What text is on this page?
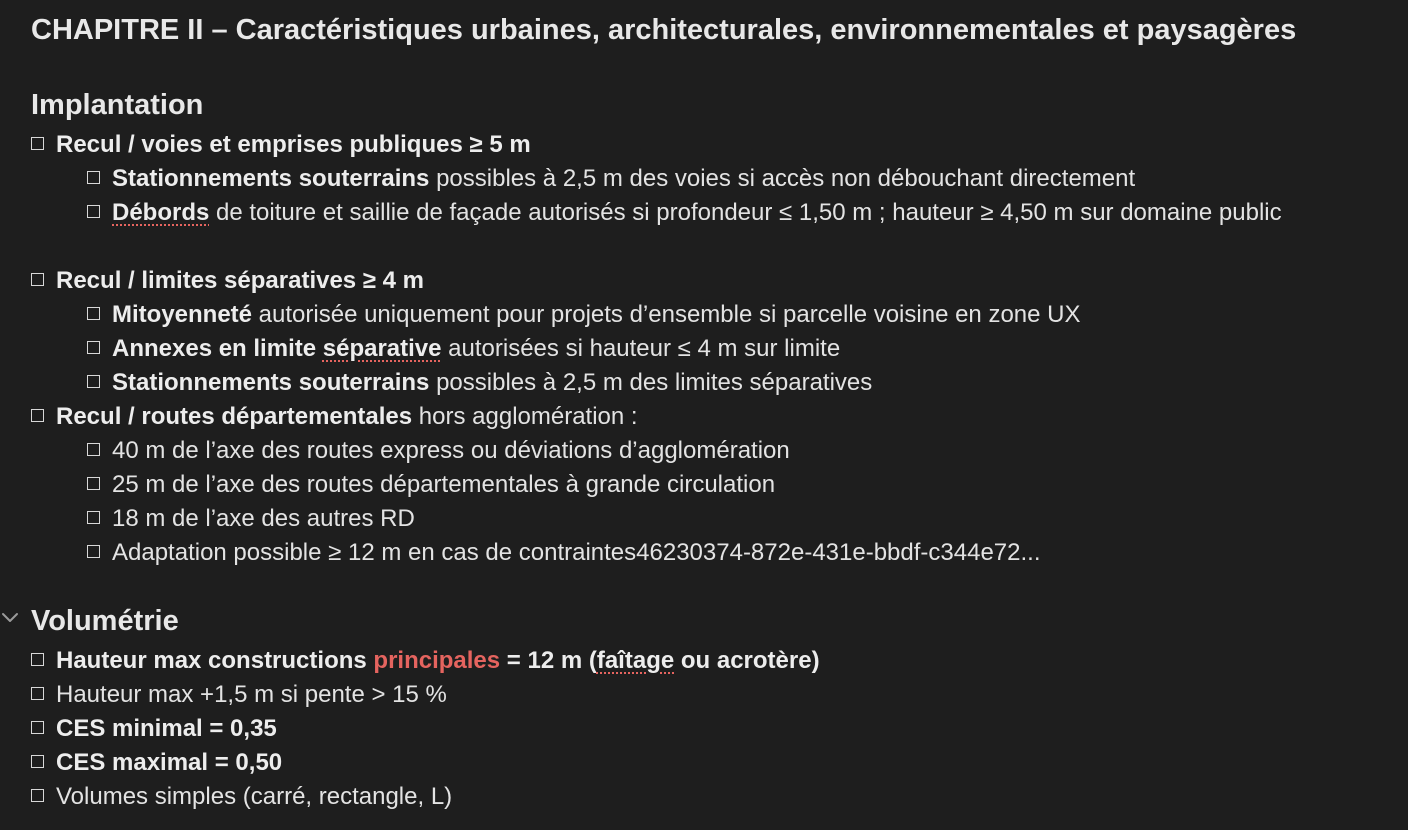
CHAPITRE II – Caractéristiques urbaines, architecturales, environnementales et paysagères
Implantation
Recul / voies et emprises publiques ≥ 5 m
Stationnements souterrains possibles à 2,5 m des voies si accès non débouchant directement
Débords de toiture et saillie de façade autorisés si profondeur ≤ 1,50 m ; hauteur ≥ 4,50 m sur domaine public
Recul / limites séparatives ≥ 4 m
Mitoyenneté autorisée uniquement pour projets d’ensemble si parcelle voisine en zone UX
Annexes en limite séparative autorisées si hauteur ≤ 4 m sur limite
Stationnements souterrains possibles à 2,5 m des limites séparatives
Recul / routes départementales hors agglomération :
40 m de l’axe des routes express ou déviations d’agglomération
25 m de l’axe des routes départementales à grande circulation
18 m de l’axe des autres RD
Adaptation possible ≥ 12 m en cas de contraintes46230374-872e-431e-bbdf-c344e72...
Volumétrie
Hauteur max constructions principales = 12 m (faîtage ou acrotère)
Hauteur max +1,5 m si pente > 15 %
CES minimal = 0,35
CES maximal = 0,50
Volumes simples (carré, rectangle, L)
